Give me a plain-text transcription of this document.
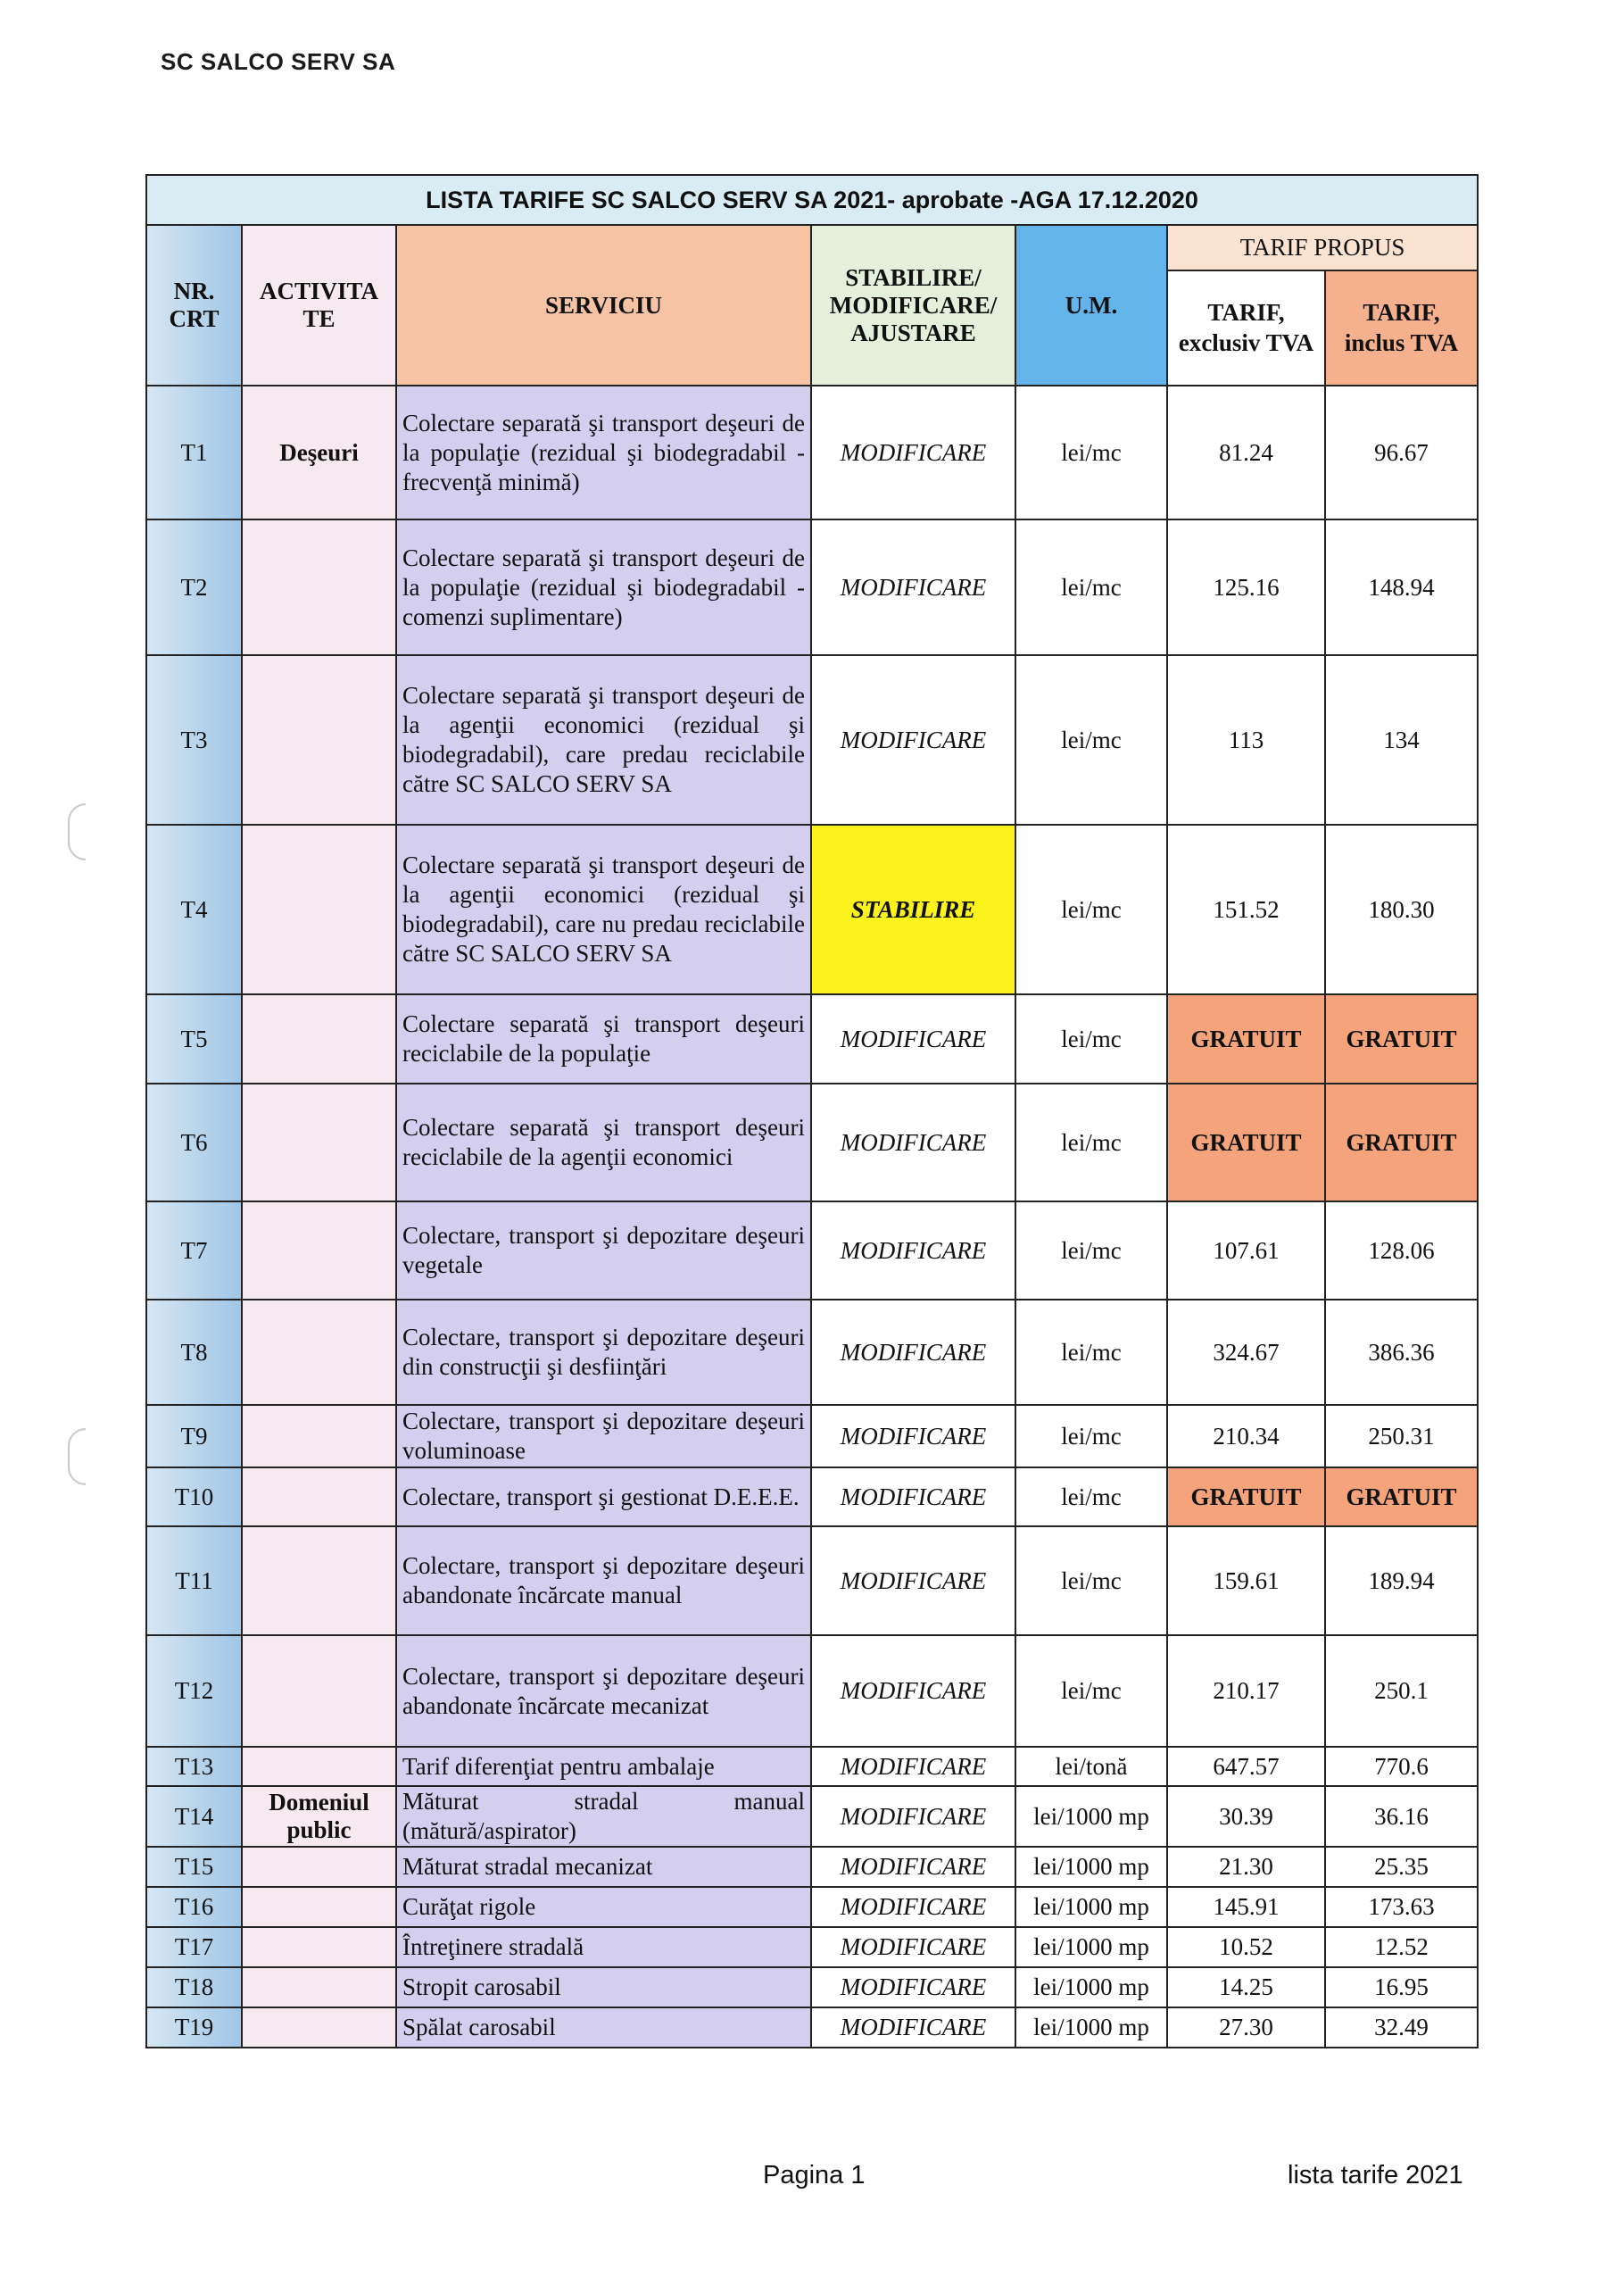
SC SALCO SERV SA
LISTA TARIFE SC SALCO SERV SA 2021- aprobate -AGA 17.12.2020						
NR. CRT	ACTIVITA TE	SERVICIU	STABILIRE/ MODIFICARE/ AJUSTARE	U.M.	TARIF PROPUS	
					TARIF, exclusiv TVA	TARIF, inclus TVA
T1	Deşeuri	Colectare separată şi transport deşeuri de la populaţie (rezidual şi biodegradabil - frecvenţă minimă)	MODIFICARE	lei/mc	81.24	96.67
T2		Colectare separată şi transport deşeuri de la populaţie (rezidual şi biodegradabil - comenzi suplimentare)	MODIFICARE	lei/mc	125.16	148.94
T3		Colectare separată şi transport deşeuri de la agenţii economici (rezidual şi biodegradabil), care predau reciclabile către SC SALCO SERV SA	MODIFICARE	lei/mc	113	134
T4		Colectare separată şi transport deşeuri de la agenţii economici (rezidual şi biodegradabil), care nu predau reciclabile către SC SALCO SERV SA	STABILIRE	lei/mc	151.52	180.30
T5		Colectare separată şi transport deşeuri reciclabile de la populaţie	MODIFICARE	lei/mc	GRATUIT	GRATUIT
T6		Colectare separată şi transport deşeuri reciclabile de la agenţii economici	MODIFICARE	lei/mc	GRATUIT	GRATUIT
T7		Colectare, transport şi depozitare deşeuri vegetale	MODIFICARE	lei/mc	107.61	128.06
T8		Colectare, transport şi depozitare deşeuri din construcţii şi desfiinţări	MODIFICARE	lei/mc	324.67	386.36
T9		Colectare, transport şi depozitare deşeuri voluminoase	MODIFICARE	lei/mc	210.34	250.31
T10		Colectare, transport şi gestionat D.E.E.E.	MODIFICARE	lei/mc	GRATUIT	GRATUIT
T11		Colectare, transport şi depozitare deşeuri abandonate încărcate manual	MODIFICARE	lei/mc	159.61	189.94
T12		Colectare, transport şi depozitare deşeuri abandonate încărcate mecanizat	MODIFICARE	lei/mc	210.17	250.1
T13		Tarif diferenţiat pentru ambalaje	MODIFICARE	lei/tonă	647.57	770.6
T14	Domeniul public	Măturat stradal manual (mătură/aspirator)	MODIFICARE	lei/1000 mp	30.39	36.16
T15		Măturat stradal mecanizat	MODIFICARE	lei/1000 mp	21.30	25.35
T16		Curăţat rigole	MODIFICARE	lei/1000 mp	145.91	173.63
T17		Întreţinere stradală	MODIFICARE	lei/1000 mp	10.52	12.52
T18		Stropit carosabil	MODIFICARE	lei/1000 mp	14.25	16.95
T19		Spălat carosabil	MODIFICARE	lei/1000 mp	27.30	32.49
Pagina 1	lista tarife 2021
